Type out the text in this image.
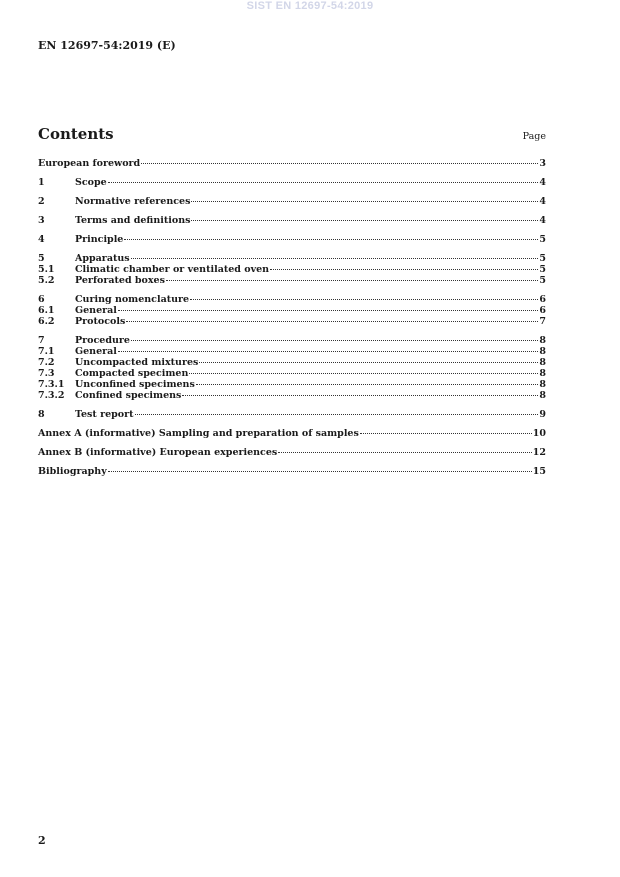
SIST EN 12697-54:2019
EN 12697-54:2019 (E)
Contents	Page
European foreword	3
1	Scope	4
2	Normative references	4
3	Terms and definitions	4
4	Principle	5
5	Apparatus	5
5.1	Climatic chamber or ventilated oven	5
5.2	Perforated boxes	5
6	Curing nomenclature	6
6.1	General	6
6.2	Protocols	7
7	Procedure	8
7.1	General	8
7.2	Uncompacted mixtures	8
7.3	Compacted specimen	8
7.3.1	Unconfined specimens	8
7.3.2	Confined specimens	8
8	Test report	9
Annex A (informative) Sampling and preparation of samples	10
Annex B (informative) European experiences	12
Bibliography	15
2
